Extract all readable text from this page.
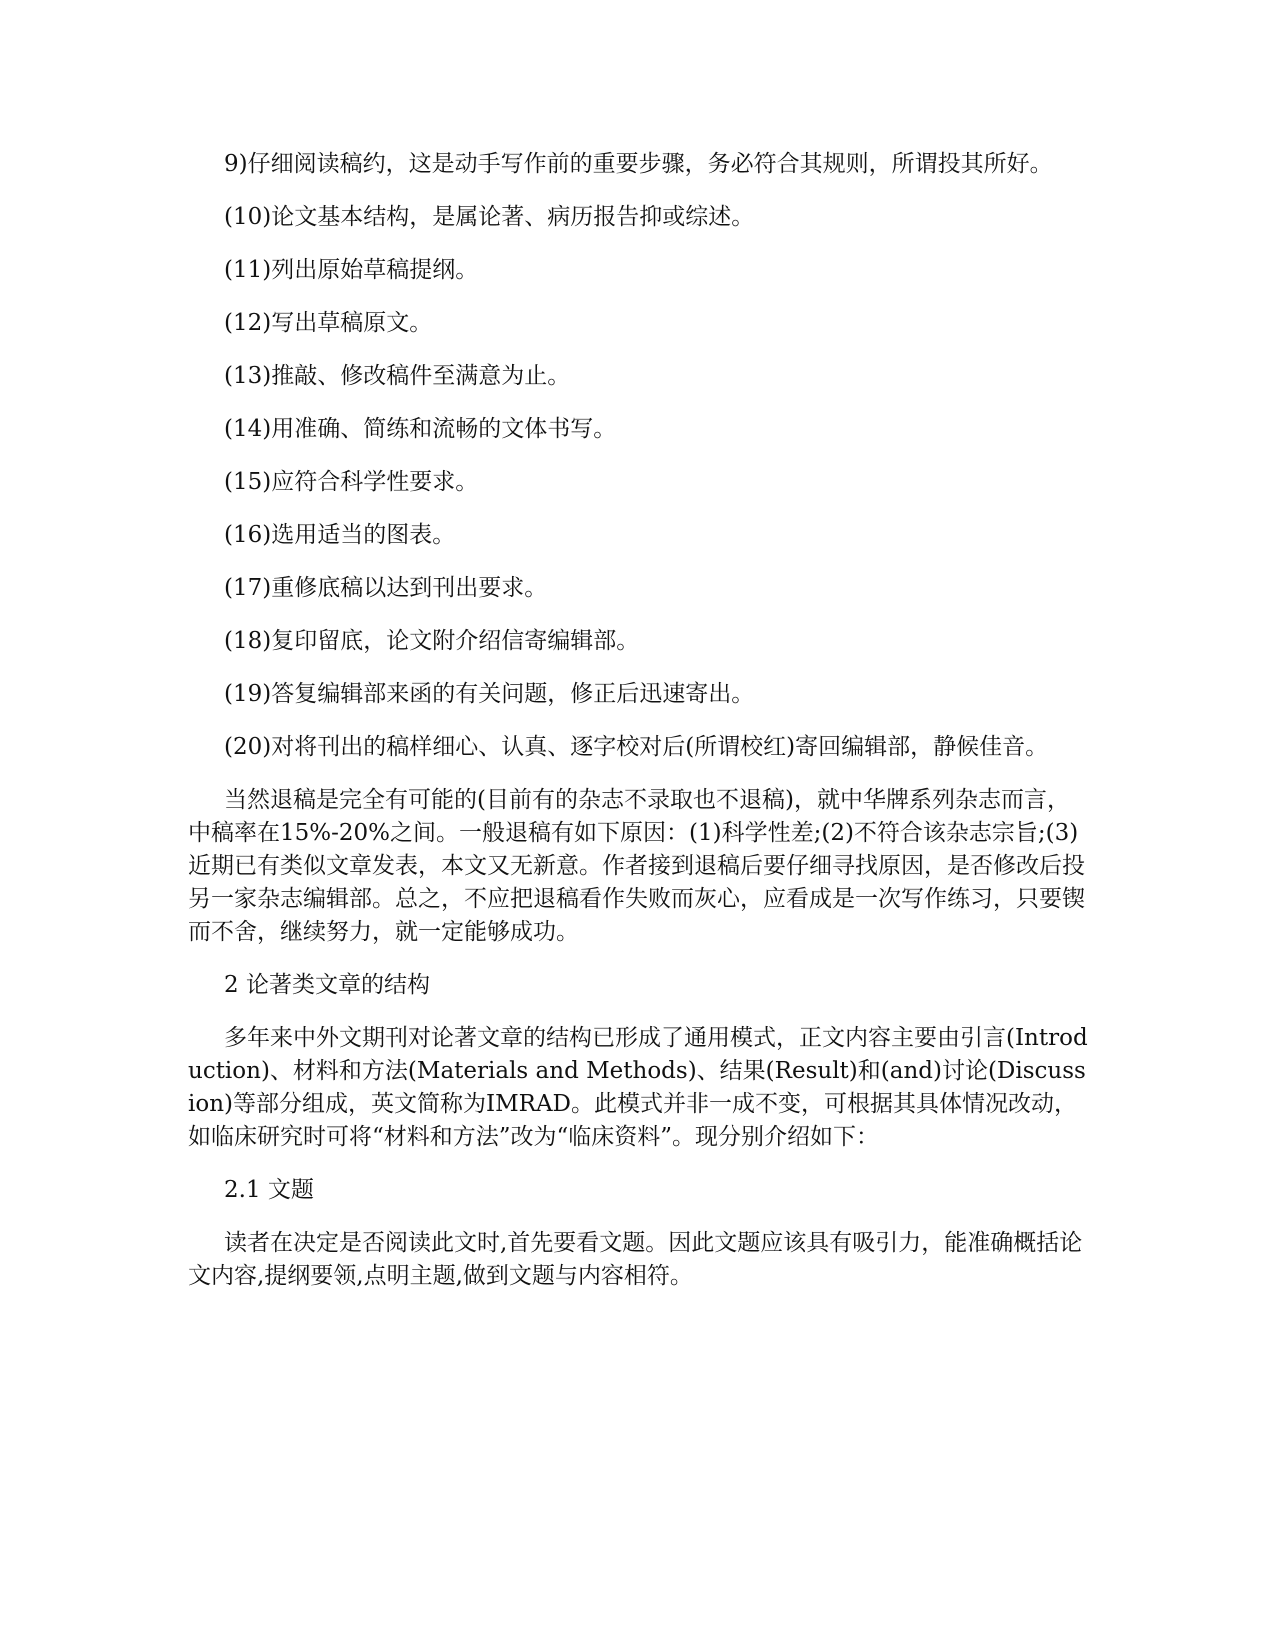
9)仔细阅读稿约，这是动手写作前的重要步骤，务必符合其规则，所谓投其所好。

(10)论文基本结构，是属论著、病历报告抑或综述。

(11)列出原始草稿提纲。

(12)写出草稿原文。

(13)推敲、修改稿件至满意为止。

(14)用准确、简练和流畅的文体书写。

(15)应符合科学性要求。

(16)选用适当的图表。

(17)重修底稿以达到刊出要求。

(18)复印留底，论文附介绍信寄编辑部。

(19)答复编辑部来函的有关问题，修正后迅速寄出。

(20)对将刊出的稿样细心、认真、逐字校对后(所谓校红)寄回编辑部，静候佳音。

当然退稿是完全有可能的(目前有的杂志不录取也不退稿)，就中华牌系列杂志而言，中稿率在15%-20%之间。一般退稿有如下原因：(1)科学性差;(2)不符合该杂志宗旨;(3)近期已有类似文章发表，本文又无新意。作者接到退稿后要仔细寻找原因，是否修改后投另一家杂志编辑部。总之，不应把退稿看作失败而灰心，应看成是一次写作练习，只要锲而不舍，继续努力，就一定能够成功。

2 论著类文章的结构

多年来中外文期刊对论著文章的结构已形成了通用模式，正文内容主要由引言(Introduction)、材料和方法(Materials and Methods)、结果(Result)和(and)讨论(Discussion)等部分组成，英文简称为IMRAD。此模式并非一成不变，可根据其具体情况改动，如临床研究时可将“材料和方法”改为“临床资料”。现分别介绍如下：

2.1 文题

读者在决定是否阅读此文时,首先要看文题。因此文题应该具有吸引力，能准确概括论文内容,提纲要领,点明主题,做到文题与内容相符。
